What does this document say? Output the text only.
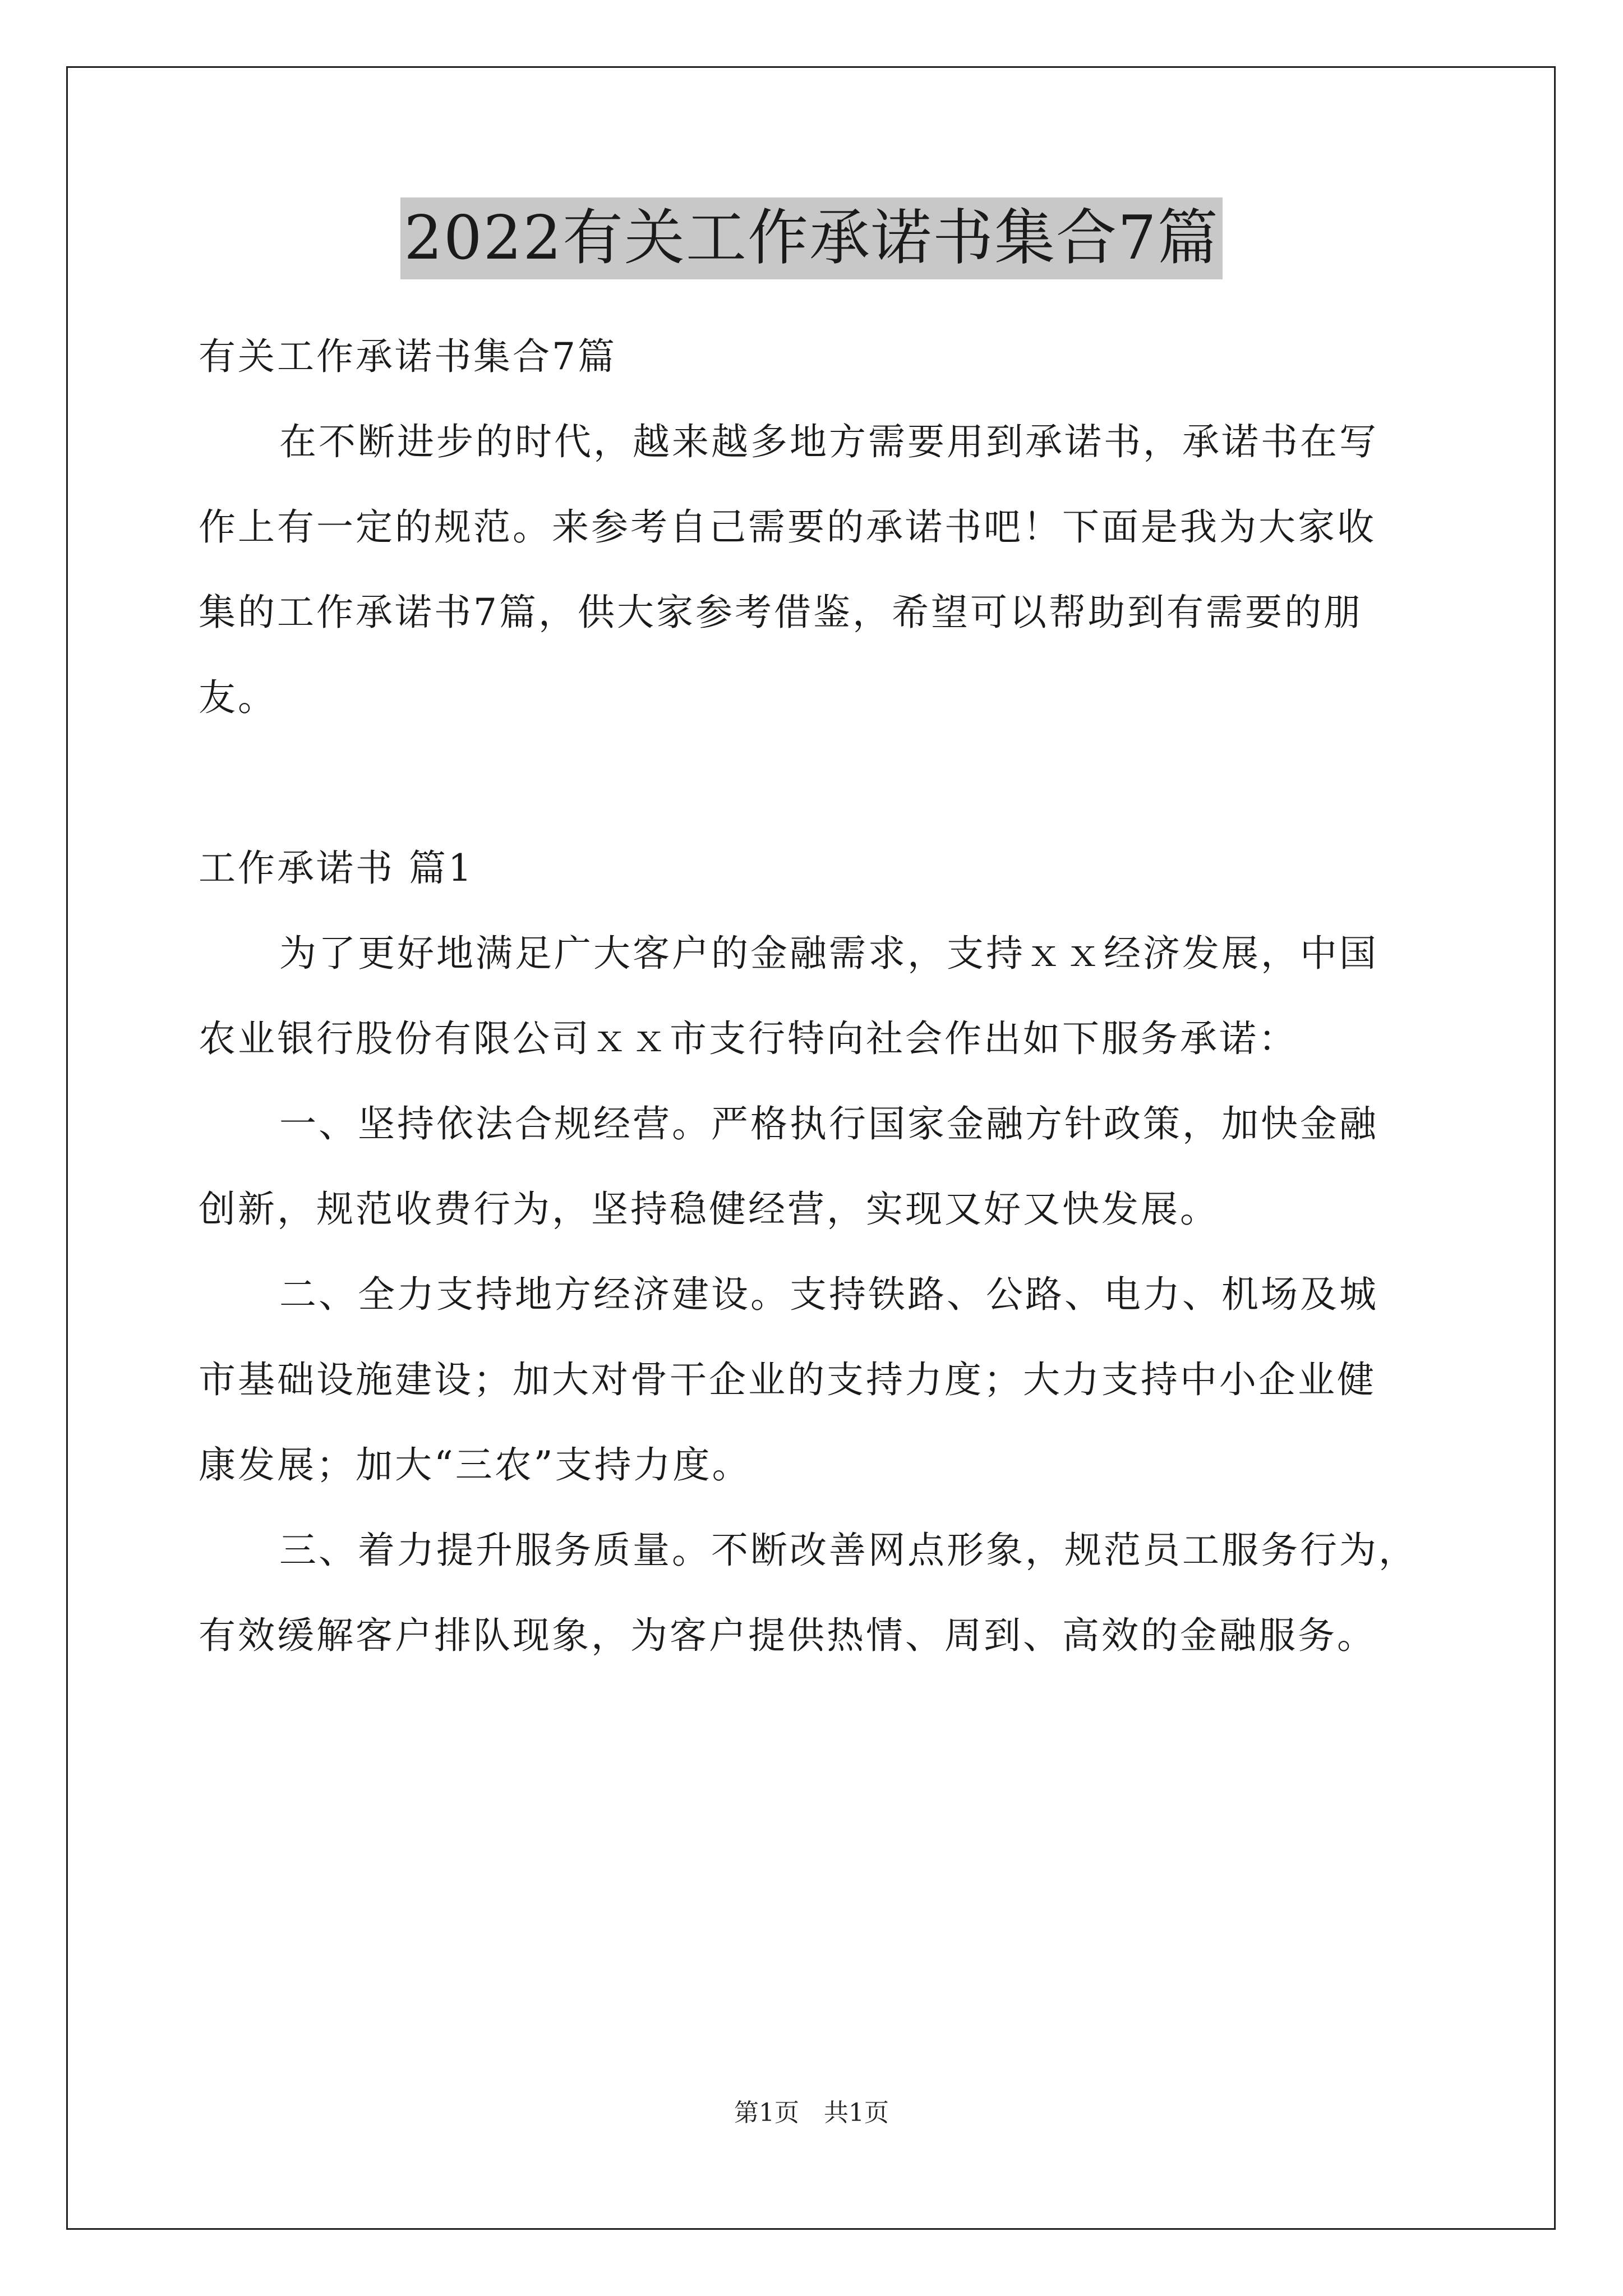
2022有关工作承诺书集合7篇
有关工作承诺书集合7篇
在不断进步的时代，越来越多地方需要用到承诺书，承诺书在写
作上有一定的规范。来参考自己需要的承诺书吧！下面是我为大家收
集的工作承诺书7篇，供大家参考借鉴，希望可以帮助到有需要的朋
友。
工作承诺书 篇1
为了更好地满足广大客户的金融需求，支持ｘｘ经济发展，中国
农业银行股份有限公司ｘｘ市支行特向社会作出如下服务承诺：
一、坚持依法合规经营。严格执行国家金融方针政策，加快金融
创新，规范收费行为，坚持稳健经营，实现又好又快发展。
二、全力支持地方经济建设。支持铁路、公路、电力、机场及城
市基础设施建设；加大对骨干企业的支持力度；大力支持中小企业健
康发展；加大“三农”支持力度。
三、着力提升服务质量。不断改善网点形象，规范员工服务行为，
有效缓解客户排队现象，为客户提供热情、周到、高效的金融服务。
第1页　共1页
